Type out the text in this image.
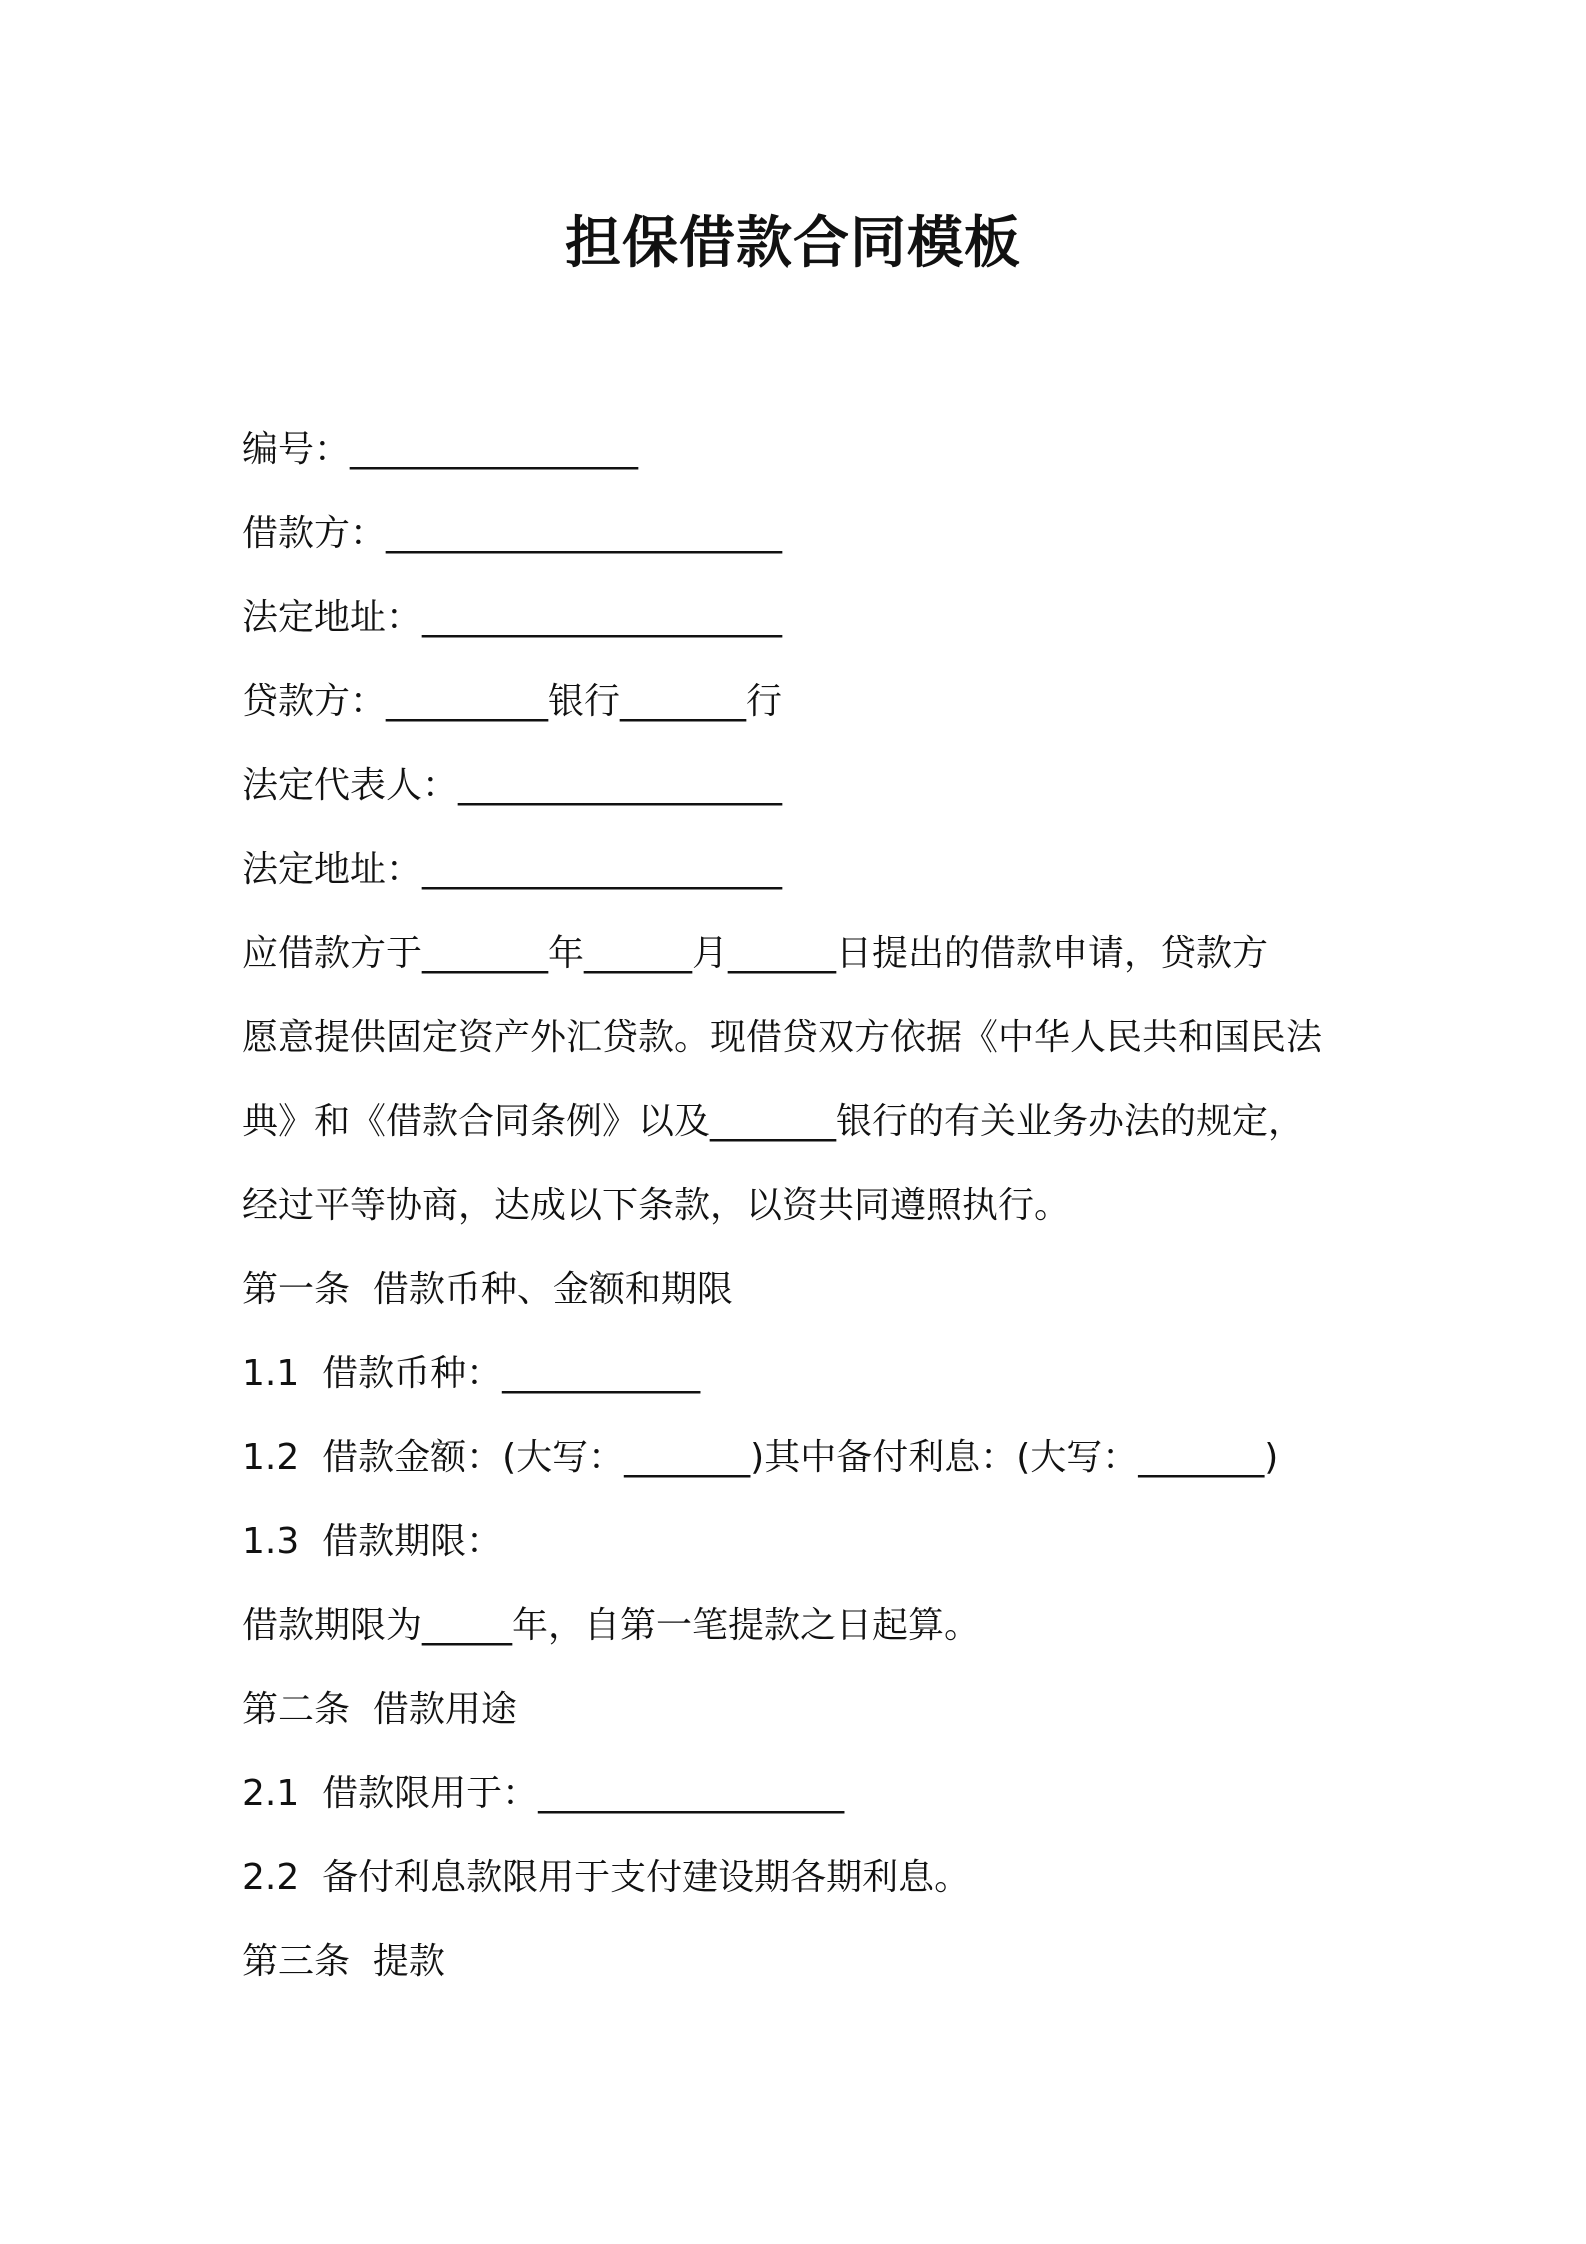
担保借款合同模板
编号：________________
借款方：______________________
法定地址：____________________
贷款方：_________银行_______行
法定代表人：__________________
法定地址：____________________
应借款方于_______年______月______日提出的借款申请，贷款方
愿意提供固定资产外汇贷款。现借贷双方依据《中华人民共和国民法
典》和《借款合同条例》以及_______银行的有关业务办法的规定，
经过平等协商，达成以下条款，以资共同遵照执行。
第一条  借款币种、金额和期限
1.1  借款币种：___________
1.2  借款金额：(大写：_______)其中备付利息：(大写：_______)
1.3  借款期限：
借款期限为_____年，自第一笔提款之日起算。
第二条  借款用途
2.1  借款限用于：_________________
2.2  备付利息款限用于支付建设期各期利息。
第三条  提款
